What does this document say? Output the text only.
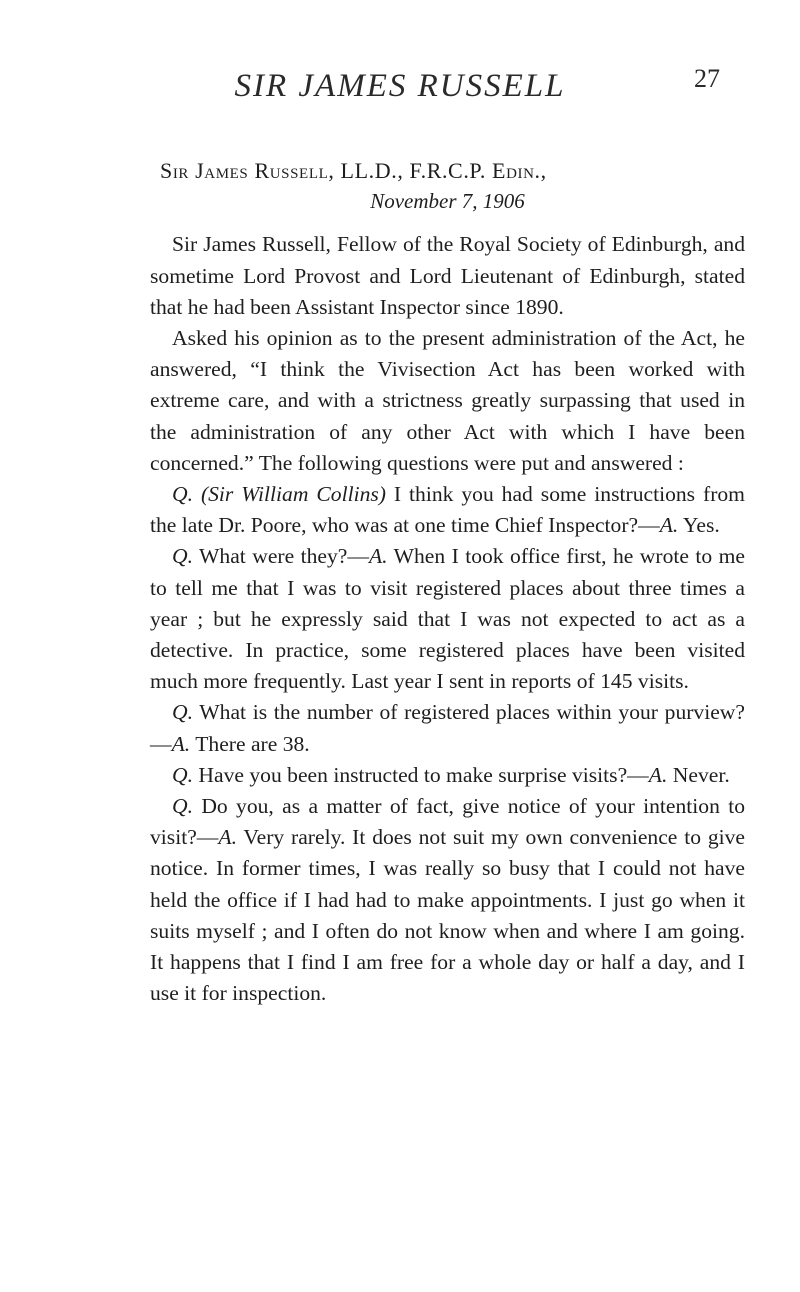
SIR JAMES RUSSELL	27
Sir James Russell, LL.D., F.R.C.P. Edin.,
November 7, 1906

Sir James Russell, Fellow of the Royal Society of Edinburgh, and sometime Lord Provost and Lord Lieutenant of Edinburgh, stated that he had been Assistant Inspector since 1890.

Asked his opinion as to the present administration of the Act, he answered, “I think the Vivisection Act has been worked with extreme care, and with a strictness greatly surpassing that used in the administration of any other Act with which I have been concerned.” The following questions were put and answered :

Q. (Sir William Collins) I think you had some instructions from the late Dr. Poore, who was at one time Chief Inspector?—A. Yes.

Q. What were they?—A. When I took office first, he wrote to me to tell me that I was to visit registered places about three times a year ; but he expressly said that I was not expected to act as a detective. In practice, some registered places have been visited much more frequently. Last year I sent in reports of 145 visits.

Q. What is the number of registered places within your purview?—A. There are 38.

Q. Have you been instructed to make surprise visits?—A. Never.

Q. Do you, as a matter of fact, give notice of your intention to visit?—A. Very rarely. It does not suit my own convenience to give notice. In former times, I was really so busy that I could not have held the office if I had had to make appointments. I just go when it suits myself ; and I often do not know when and where I am going. It happens that I find I am free for a whole day or half a day, and I use it for inspection.
